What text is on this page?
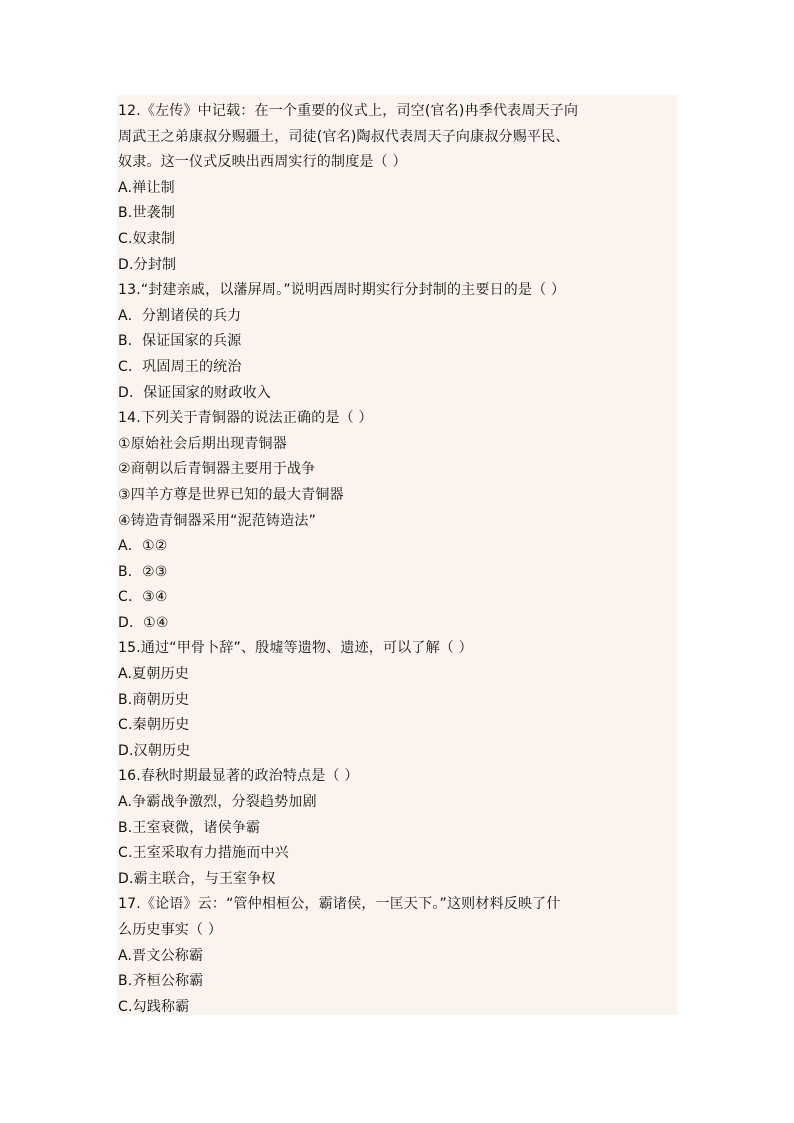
12.《左传》中记载：在一个重要的仪式上，司空(官名)冉季代表周天子向
周武王之弟康叔分赐疆土，司徒(官名)陶叔代表周天子向康叔分赐平民、
奴隶。这一仪式反映出西周实行的制度是（ ）
A.禅让制
B.世袭制
C.奴隶制
D.分封制
13.“封建亲戚，以藩屏周。”说明西周时期实行分封制的主要日的是（ ）
A．分割诸侯的兵力
B．保证国家的兵源
C．巩固周王的统治
D．保证国家的财政收入
14.下列关于青铜器的说法正确的是（ ）
①原始社会后期出现青铜器
②商朝以后青铜器主要用于战争
③四羊方尊是世界已知的最大青铜器
④铸造青铜器采用“泥范铸造法”
A．①②
B．②③
C．③④
D．①④
15.通过“甲骨卜辞”、殷墟等遗物、遗迹，可以了解（ ）
A.夏朝历史
B.商朝历史
C.秦朝历史
D.汉朝历史
16.春秋时期最显著的政治特点是（ ）
A.争霸战争激烈，分裂趋势加剧
B.王室衰微，诸侯争霸
C.王室采取有力措施而中兴
D.霸主联合，与王室争权
17.《论语》云：“管仲相桓公，霸诸侯，一匡天下。”这则材料反映了什
么历史事实（ ）
A.晋文公称霸
B.齐桓公称霸
C.勾践称霸
